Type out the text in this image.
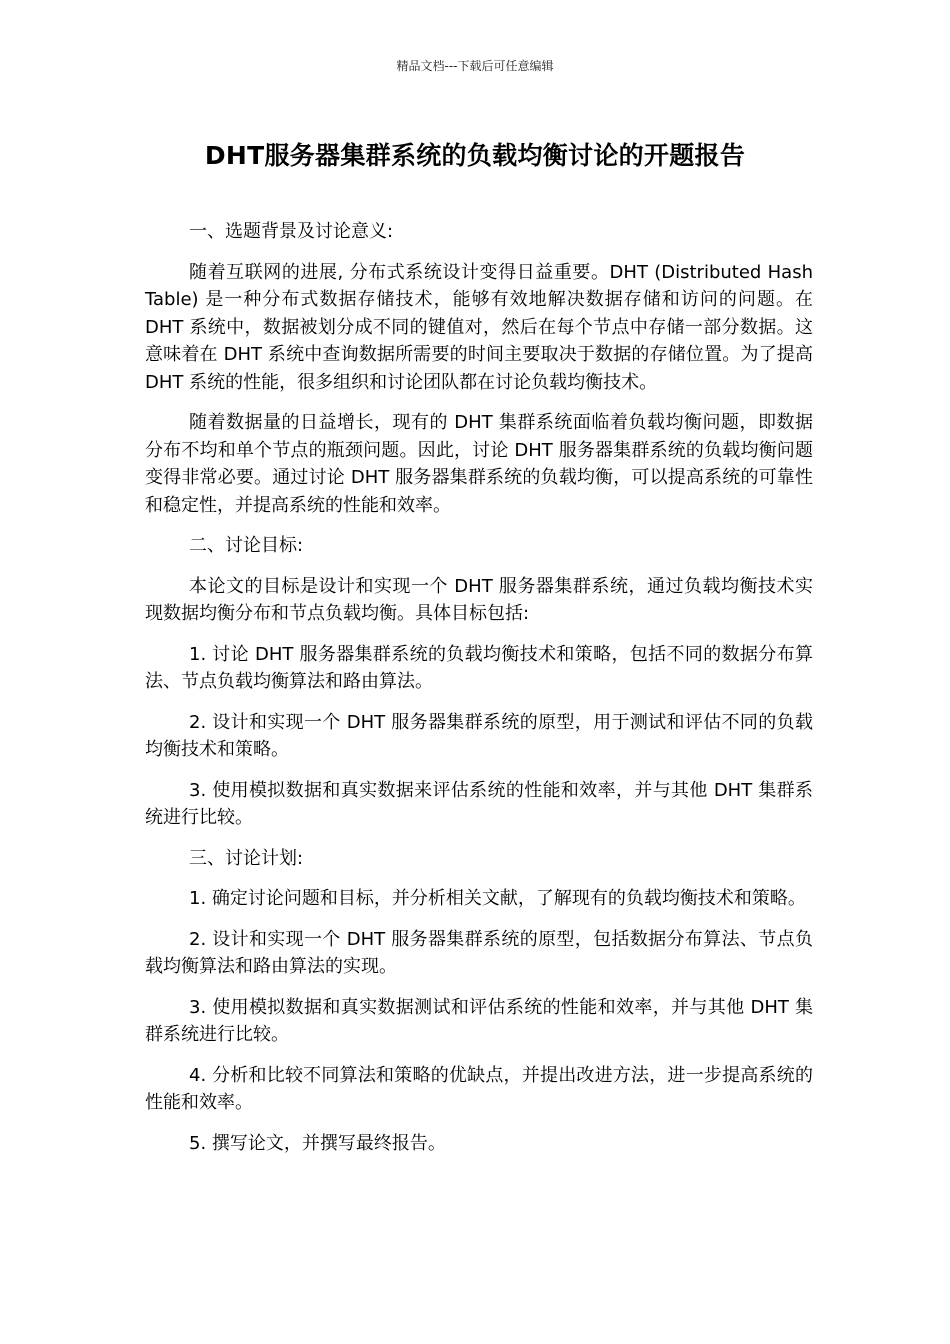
精品文档---下载后可任意编辑
DHT服务器集群系统的负载均衡讨论的开题报告

一、选题背景及讨论意义:

随着互联网的进展, 分布式系统设计变得日益重要。DHT (Distributed Hash Table) 是一种分布式数据存储技术，能够有效地解决数据存储和访问的问题。在 DHT 系统中，数据被划分成不同的键值对，然后在每个节点中存储一部分数据。这意味着在 DHT 系统中查询数据所需要的时间主要取决于数据的存储位置。为了提高 DHT 系统的性能，很多组织和讨论团队都在讨论负载均衡技术。

随着数据量的日益增长，现有的 DHT 集群系统面临着负载均衡问题，即数据分布不均和单个节点的瓶颈问题。因此，讨论 DHT 服务器集群系统的负载均衡问题变得非常必要。通过讨论 DHT 服务器集群系统的负载均衡，可以提高系统的可靠性和稳定性，并提高系统的性能和效率。

二、讨论目标:

本论文的目标是设计和实现一个 DHT 服务器集群系统，通过负载均衡技术实现数据均衡分布和节点负载均衡。具体目标包括:

1. 讨论 DHT 服务器集群系统的负载均衡技术和策略，包括不同的数据分布算法、节点负载均衡算法和路由算法。

2. 设计和实现一个 DHT 服务器集群系统的原型，用于测试和评估不同的负载均衡技术和策略。

3. 使用模拟数据和真实数据来评估系统的性能和效率，并与其他 DHT 集群系统进行比较。

三、讨论计划:

1. 确定讨论问题和目标，并分析相关文献，了解现有的负载均衡技术和策略。

2. 设计和实现一个 DHT 服务器集群系统的原型，包括数据分布算法、节点负载均衡算法和路由算法的实现。

3. 使用模拟数据和真实数据测试和评估系统的性能和效率，并与其他 DHT 集群系统进行比较。

4. 分析和比较不同算法和策略的优缺点，并提出改进方法，进一步提高系统的性能和效率。

5. 撰写论文，并撰写最终报告。
